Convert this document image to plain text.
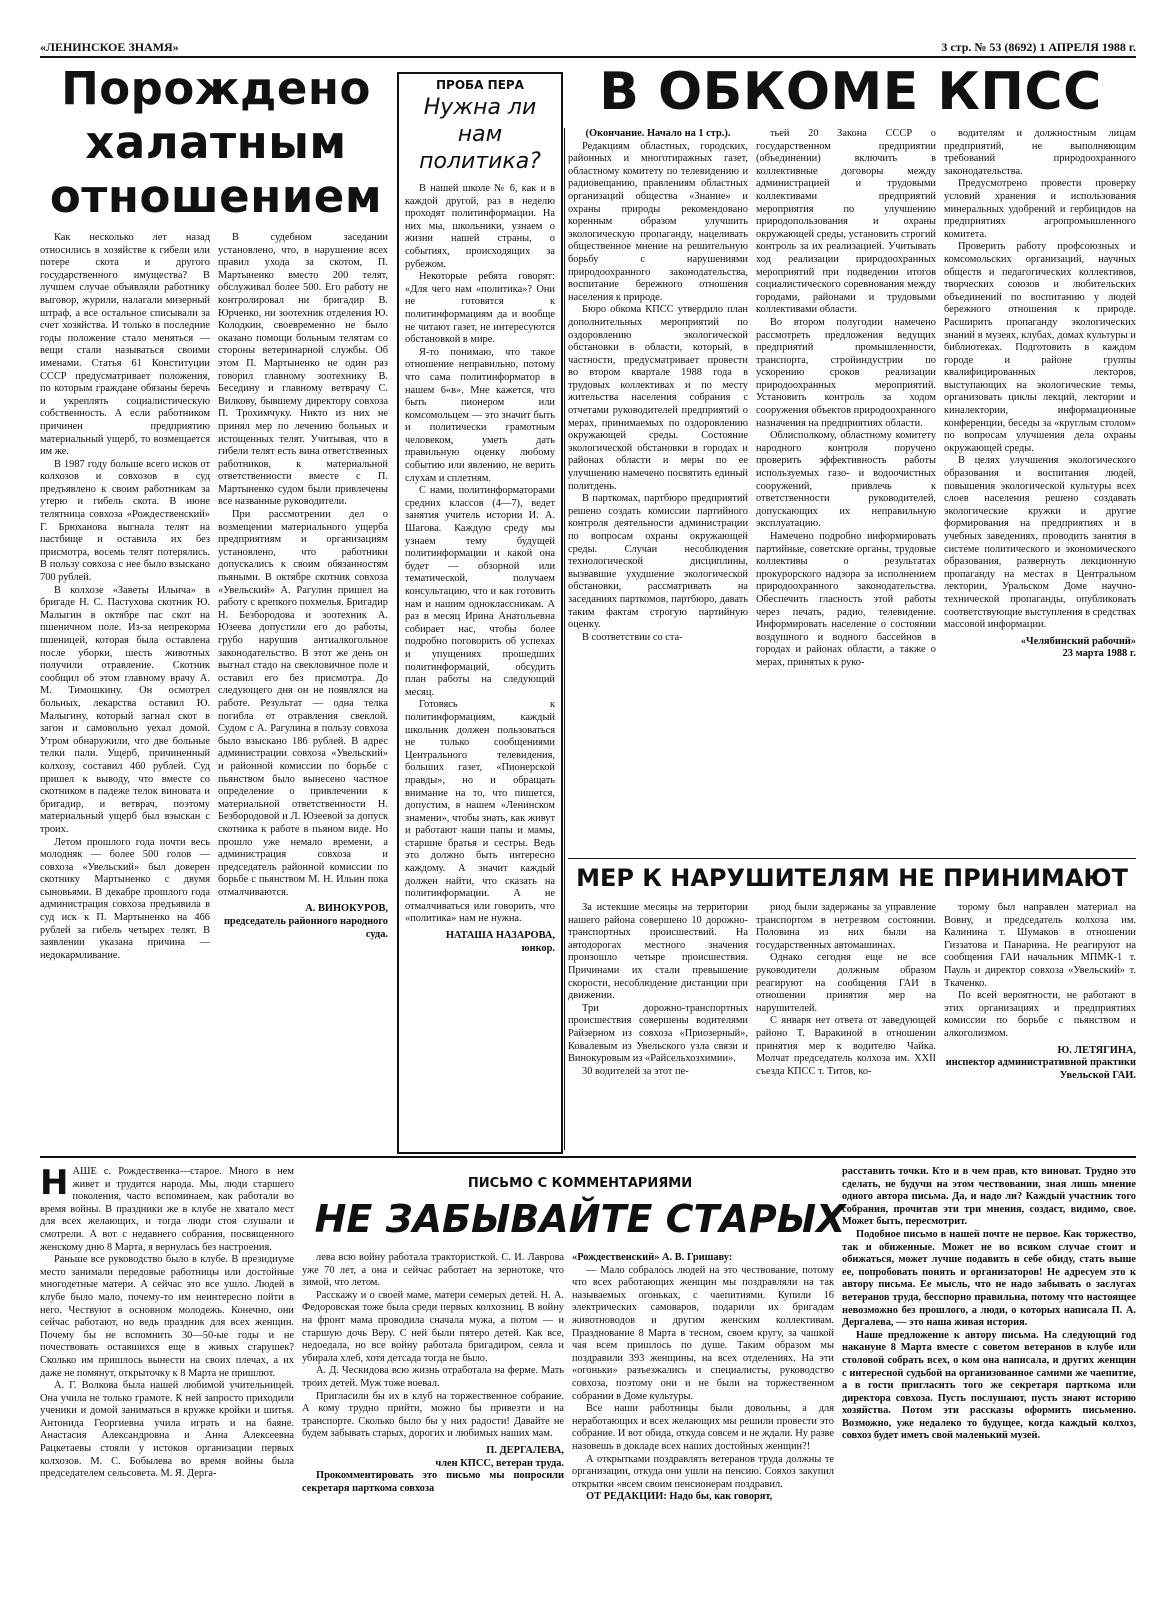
«ЛЕНИНСКОЕ ЗНАМЯ»	3 стр. № 53 (8692) 1 АПРЕЛЯ 1988 г.
Порождено
халатным
отношением

Как несколько лет назад относились в хозяйстве к гибели или потере скота и другого государственного имущества? В лучшем случае объявляли работнику выговор, журили, налагали мизерный штраф, а все остальное списывали за счет хозяйства. И только в последние годы положение стало меняться — вещи стали называться своими именами. Статья 61 Конституции СССР предусматривает положения, по которым граждане обязаны беречь и укреплять социалистическую собственность. А если работником причинен предприятию материальный ущерб, то возмещается им же.

В 1987 году больше всего исков от колхозов и совхозов в суд предъявлено к своим работникам за утерю и гибель скота. В июне телятница совхоза «Рождественский» Г. Брюханова выгнала телят на пастбище и оставила их без присмотра, восемь телят потерялись. В пользу совхоза с нее было взыскано 700 рублей.

В колхозе «Заветы Ильича» в бригаде Н. С. Пастухова скотник Ю. Малыгин в октябре пас скот на пшеничном поле. Из-за непрекорма пшеницей, которая была оставлена после уборки, шесть животных получили отравление. Скотник сообщил об этом главному врачу А. М. Тимошкину. Он осмотрел больных, лекарства оставил Ю. Малыгину, который загнал скот в загон и самовольно уехал домой. Утром обнаружили, что две больные телки пали. Ущерб, причиненный колхозу, составил 460 рублей. Суд пришел к выводу, что вместе со скотником в падеже телок виновата и бригадир, и ветврач, поэтому материальный ущерб был взыскан с троих.

Летом прошлого года почти весь молодняк — более 500 голов — совхоза «Увельский» был доверен скотнику Мартыненко с двумя сыновьями. В декабре прошлого года администрация совхоза предъявила в суд иск к П. Мартыненко на 466 рублей за гибель четырех телят. В заявлении указана причина — недокармливание.

В судебном заседании установлено, что, в нарушение всех правил ухода за скотом, П. Мартыненко вместо 200 телят, обслуживал более 500. Его работу не контролировал ни бригадир В. Юрченко, ни зоотехник отделения Ю. Колодкин, своевременно не было оказано помощи больным телятам со стороны ветеринарной службы. Об этом П. Мартыненко не один раз говорил главному зоотехнику В. Беседину и главному ветврачу С. Вилкову, бывшему директору совхоза П. Трохимчуку. Никто из них не принял мер по лечению больных и истощенных телят. Учитывая, что в гибели телят есть вина ответственных работников, к материальной ответственности вместе с П. Мартыненко судом были привлечены все названные руководители.

При рассмотрении дел о возмещении материального ущерба предприятиям и организациям установлено, что работники допускались к своим обязанностям пьяными. В октябре скотник совхоза «Увельский» А. Рагулин пришел на работу с крепкого похмелья. Бригадир Н. Безбородова и зоотехник А. Юзеева допустили его до работы, грубо нарушив антиалкогольное законодательство. В этот же день он выгнал стадо на свекловичное поле и оставил его без присмотра. До следующего дня он не появлялся на работе. Результат — одна телка погибла от отравления свеклой. Судом с А. Рагулина в пользу совхоза было взыскано 186 рублей. В адрес администрации совхоза «Увельский» и районной комиссии по борьбе с пьянством было вынесено частное определение о привлечении к материальной ответственности Н. Безбородовой и Л. Юзеевой за допуск скотника к работе в пьяном виде. Но прошло уже немало времени, а администрация совхоза и председатель районной комиссии по борьбе с пьянством М. Н. Ильин пока отмалчиваются.

А. ВИНОКУРОВ,
председатель районного народного суда.
ПРОБА ПЕРА
Нужна ли нам политика?

В нашей школе № 6, как и в каждой другой, раз в неделю проходят политинформации. На них мы, школьники, узнаем о жизни нашей страны, о событиях, происходящих за рубежом.

Некоторые ребята говорят: «Для чего нам «политика»? Они не готовятся к политинформациям да и вообще не читают газет, не интересуются обстановкой в мире.

Я-то понимаю, что такое отношение неправильно, потому что сама политинформатор в нашем 6«в». Мне кажется, что быть пионером или комсомольцем — это значит быть и политически грамотным человеком, уметь дать правильную оценку любому событию или явлению, не верить слухам и сплетням.

С нами, политинформаторами средних классов (4—7), ведет занятия учитель истории И. А. Шагова. Каждую среду мы узнаем тему будущей политинформации и какой она будет — обзорной или тематической, получаем консультацию, что и как готовить нам и нашим одноклассникам. А раз в месяц Ирина Анатольевна собирает нас, чтобы более подробно поговорить об успехах и упущениях прошедших политинформаций, обсудить план работы на следующий месяц.

Готовясь к политинформациям, каждый школьник должен пользоваться не только сообщениями Центрального телевидения, больших газет, «Пионерской правды», но и обращать внимание на то, что пишется, допустим, в нашем «Ленинском знамени», чтобы знать, как живут и работают наши папы и мамы, старшие братья и сестры. Ведь это должно быть интересно каждому. А значит каждый должен найти, что сказать на политинформации. А не отмалчиваться или говорить, что «политика» нам не нужна.

НАТАША НАЗАРОВА,
юнкор.
В ОБКОМЕ КПСС

(Окончание. Начало на 1 стр.).

Редакциям областных, городских, районных и многотиражных газет, областному комитету по телевидению и радиовещанию, правлениям областных организаций общества «Знание» и охраны природы рекомендовано коренным образом улучшить экологическую пропаганду, нацеливать общественное мнение на решительную борьбу с нарушениями природоохранного законодательства, воспитание бережного отношения населения к природе.

Бюро обкома КПСС утвердило план дополнительных мероприятий по оздоровлению экологической обстановки в области, который, в частности, предусматривает провести во втором квартале 1988 года в трудовых коллективах и по месту жительства населения собрания с отчетами руководителей предприятий о мерах, принимаемых по оздоровлению окружающей среды. Состояние экологической обстановки в городах и районах области и меры по ее улучшению намечено посвятить единый политдень.

В парткомах, партбюро предприятий решено создать комиссии партийного контроля деятельности администрации по вопросам охраны окружающей среды. Случаи несоблюдения технологической дисциплины, вызвавшие ухудшение экологической обстановки, рассматривать на заседаниях парткомов, партбюро, давать таким фактам строгую партийную оценку.

В соответствии со ста-

тьей 20 Закона СССР о государственном предприятии (объединении) включить в коллективные договоры между администрацией и трудовыми коллективами предприятий мероприятия по улучшению природопользования и охраны окружающей среды, установить строгий контроль за их реализацией. Учитывать ход реализации природоохранных мероприятий при подведении итогов социалистического соревнования между городами, районами и трудовыми коллективами области.

Во втором полугодии намечено рассмотреть предложения ведущих предприятий промышленности, транспорта, стройиндустрии по ускорению сроков реализации природоохранных мероприятий. Установить контроль за ходом сооружения объектов природоохранного назначения на предприятиях области.

Облисполкому, областному комитету народного контроля поручено проверить эффективность работы используемых газо- и водоочистных сооружений, привлечь к ответственности руководителей, допускающих их неправильную эксплуатацию.

Намечено подробно информировать партийные, советские органы, трудовые коллективы о результатах прокурорского надзора за исполнением природоохранного законодательства. Обеспечить гласность этой работы через печать, радио, телевидение. Информировать население о состоянии воздушного и водного бассейнов в городах и районах области, а также о мерах, принятых к руко-

водителям и должностным лицам предприятий, не выполняющим требований природоохранного законодательства.

Предусмотрено провести проверку условий хранения и использования минеральных удобрений и гербицидов на предприятиях агропромышленного комитета.

Проверить работу профсоюзных и комсомольских организаций, научных обществ и педагогических коллективов, творческих союзов и любительских объединений по воспитанию у людей бережного отношения к природе. Расширить пропаганду экологических знаний в музеях, клубах, домах культуры и библиотеках. Подготовить в каждом городе и районе группы квалифицированных лекторов, выступающих на экологические темы, организовать циклы лекций, лектории и киналектории, информационные конференции, беседы за «круглым столом» по вопросам улучшения дела охраны окружающей среды.

В целях улучшения экологического образования и воспитания людей, повышения экологической культуры всех слоев населения решено создавать экологические кружки и другие формирования на предприятиях и в учебных заведениях, проводить занятия в системе политического и экономического образования, развернуть лекционную пропаганду на местах в Центральном лектории, Уральском Доме научно-технической пропаганды, опубликовать соответствующие выступления в средствах массовой информации.

«Челябинский рабочий»
23 марта 1988 г.
МЕР К НАРУШИТЕЛЯМ НЕ ПРИНИМАЮТ

За истекшие месяцы на территории нашего района совершено 10 дорожно-транспортных происшествий. На автодорогах местного значения произошло четыре происшествия. Причинами их стали превышение скорости, несоблюдение дистанции при движении.

Три дорожно-транспортных происшествия совершены водителями Райзерном из совхоза «Приозерный», Ковалевым из Увельского узла связи и Винокуровым из «Райсельхозхимии».

30 водителей за этот пе-

риод были задержаны за управление транспортом в нетрезвом состоянии. Половина из них были на государственных автомашинах.

Однако сегодня еще не все руководители должным образом реагируют на сообщения ГАИ в отношении принятия мер на нарушителей.

С января нет ответа от заведующей районо Т. Варакиной в отношении принятия мер к водителю Чайка. Молчат председатель колхоза им. XXII съезда КПСС т. Титов, ко-

торому был направлен материал на Вовну, и председатель колхоза им. Калинина т. Шумаков в отношении Гиззатова и Панарина. Не реагируют на сообщения ГАИ начальник МПМК-1 т. Пауль и директор совхоза «Увельский» т. Ткаченко.

По всей вероятности, не работают в этих организациях и предприятиях комиссии по борьбе с пьянством и алкоголизмом.

Ю. ЛЕТЯГИНА,
инспектор административной практики Увельской ГАИ.
ПИСЬМО С КОММЕНТАРИЯМИ
НЕ ЗАБЫВАЙТЕ СТАРЫХ
Н АШЕ с. Рождественка—старое. Много в нем живет и трудится народа. Мы, люди старшего поколения, часто вспоминаем, как работали во время войны. В праздники же в клубе не хватало мест для всех желающих, и тогда люди стоя слушали и смотрели. А вот с недавнего собрания, посвященного женскому дню 8 Марта, я вернулась без настроения.

Раньше все руководство было в клубе. В президиуме место занимали передовые работницы или достойные многодетные матери. А сейчас это все ушло. Людей в клубе было мало, почему-то им неинтересно пойти в него. Чествуют в основном молодежь. Конечно, они сейчас работают, но ведь праздник для всех женщин. Почему бы не вспомнить 30—50-ые годы и не почествовать оставшихся еще в живых старушек? Сколько им пришлось вынести на своих плечах, а их даже не помянут, открыточку к 8 Марта не пришлют.

А. Г. Волкова была нашей любимой учительницей. Она учила не только грамоте. К ней запросто приходили ученики и домой заниматься в кружке кройки и шитья. Антонида Георгиевна учила играть и на баяне. Анастасия Александровна и Анна Алексеевна Рацкетаевы стояли у истоков организации первых колхозов. М. С. Бобылева во время войны была председателем сельсовета. М. Я. Дерга-

лева всю войну работала трактористкой. С. И. Лаврова уже 70 лет, а она и сейчас работает на зернотоке, что зимой, что летом.

Расскажу и о своей маме, матери семерых детей. Н. А. Федоровская тоже была среди первых колхозниц. В войну на фронт мама проводила сначала мужа, а потом — и старшую дочь Веру. С ней были пятеро детей. Как все, недоедала, но все войну работала бригадиром, сеяла и убирала хлеб, хотя детсада тогда не было.

А. Д. Ческидова всю жизнь отработала на ферме. Мать троих детей. Муж тоже воевал.

Пригласили бы их в клуб на торжественное собрание. А кому трудно прийти, можно бы привезти и на транспорте. Сколько было бы у них радости! Давайте не будем забывать старых, дорогих и любимых наших мам.

П. ДЕРГАЛЕВА,
член КПСС, ветеран труда.

Прокомментировать это письмо мы попросили секретаря парткома совхоза

«Рождественский» А. В. Гришаву:

— Мало собралось людей на это чествование, потому что всех работающих женщин мы поздравляли на так называемых огоньках, с чаепитиями. Купили 16 электрических самоваров, подарили их бригадам животноводов и другим женским коллективам. Празднование 8 Марта в тесном, своем кругу, за чашкой чая всем пришлось по душе. Таким образом мы поздравили 393 женщины, на всех отделениях. На эти «огоньки» разъезжались и специалисты, руководство совхоза, поэтому они и не были на торжественном собрании в Доме культуры.

Все наши работницы были довольны, а для неработающих и всех желающих мы решили провести это собрание. И вот обида, откуда совсем и не ждали. Ну разве назовешь в докладе всех наших достойных женщин?!

А открытками поздравлять ветеранов труда должны те организации, откуда они ушли на пенсию. Совхоз закупил открытки «всем своим пенсионерам поздравил.

ОТ РЕДАКЦИИ: Надо бы, как говорят,

расставить точки. Кто и в чем прав, кто виноват. Трудно это сделать, не будучи на этом чествовании, зная лишь мнение одного автора письма. Да, и надо ли? Каждый участник того собрания, прочитав эти три мнения, создаст, видимо, свое. Может быть, пересмотрит.

Подобное письмо в нашей почте не первое. Как торжество, так и обиженные. Может не во всяком случае стоит и обижаться, может лучше подавить в себе обиду, стать выше ее, попробовать понять и организаторов! Не адресуем это к автору письма. Ее мысль, что не надо забывать о заслугах ветеранов труда, бесспорно правильна, потому что настоящее невозможно без прошлого, а люди, о которых написала П. А. Дергалева, — это наша живая история.

Наше предложение к автору письма. На следующий год накануне 8 Марта вместе с советом ветеранов в клубе или столовой собрать всех, о ком она написала, и других женщин с интересной судьбой на организованное самими же чаепитие, а в гости пригласить того же секретаря парткома или директора совхоза. Пусть послушают, пусть знают историю хозяйства. Потом эти рассказы оформить письменно. Возможно, уже недалеко то будущее, когда каждый колхоз, совхоз будет иметь свой маленький музей.
